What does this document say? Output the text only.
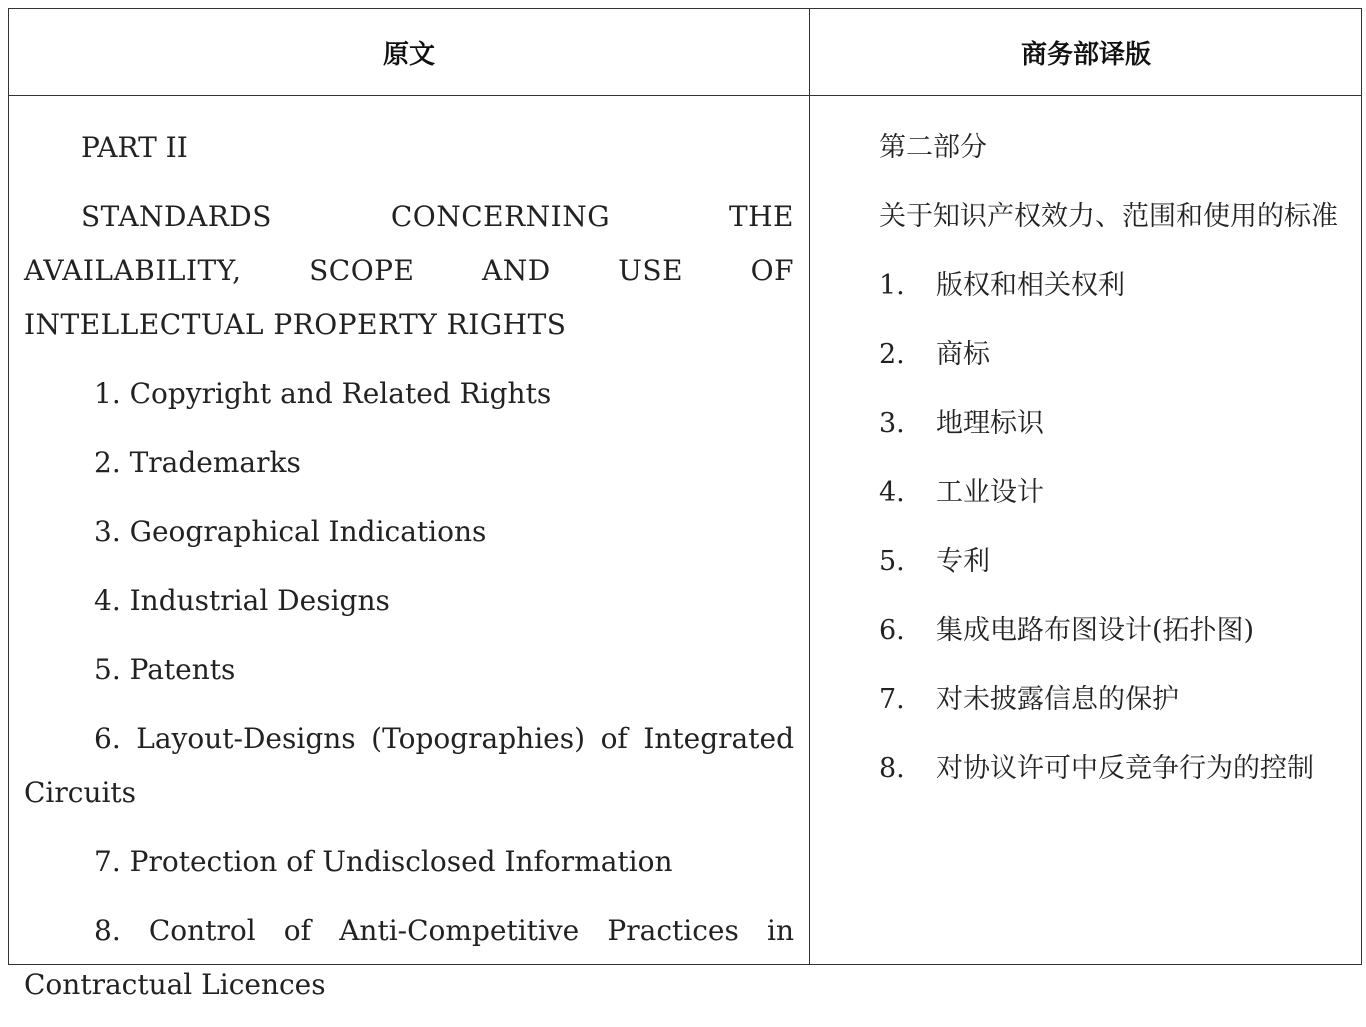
原文	商务部译版

PART II

STANDARDS CONCERNING THE AVAILABILITY, SCOPE AND USE OF INTELLECTUAL PROPERTY RIGHTS

1. Copyright and Related Rights

2. Trademarks

3. Geographical Indications

4. Industrial Designs

5. Patents

6. Layout-Designs (Topographies) of Integrated Circuits

7. Protection of Undisclosed Information

8. Control of Anti-Competitive Practices in Contractual Licences

第二部分

关于知识产权效力、范围和使用的标准

1. 版权和相关权利

2. 商标

3. 地理标识

4. 工业设计

5. 专利

6. 集成电路布图设计(拓扑图)

7. 对未披露信息的保护

8. 对协议许可中反竞争行为的控制
